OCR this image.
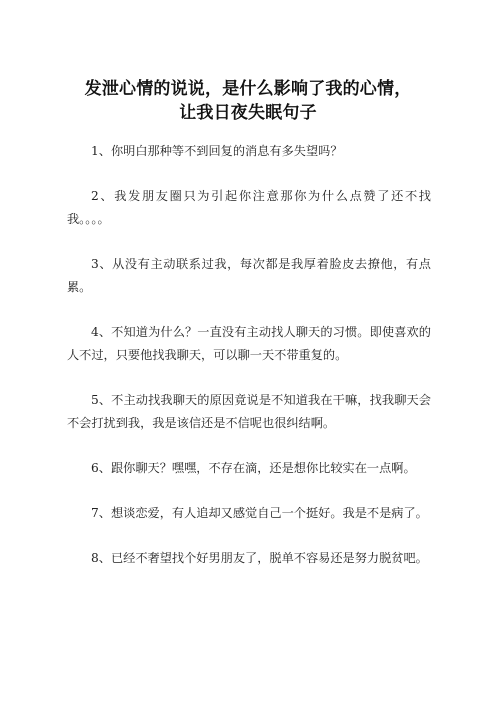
发泄心情的说说，是什么影响了我的心情，
让我日夜失眠句子

1、你明白那种等不到回复的消息有多失望吗？

2、我发朋友圈只为引起你注意那你为什么点赞了还不找我。。。。

3、从没有主动联系过我，每次都是我厚着脸皮去撩他，有点累。

4、不知道为什么？一直没有主动找人聊天的习惯。即使喜欢的人不过，只要他找我聊天，可以聊一天不带重复的。

5、不主动找我聊天的原因竟说是不知道我在干嘛，找我聊天会不会打扰到我，我是该信还是不信呢也很纠结啊。

6、跟你聊天？嘿嘿，不存在滴，还是想你比较实在一点啊。

7、想谈恋爱，有人追却又感觉自己一个挺好。我是不是病了。

8、已经不奢望找个好男朋友了，脱单不容易还是努力脱贫吧。
